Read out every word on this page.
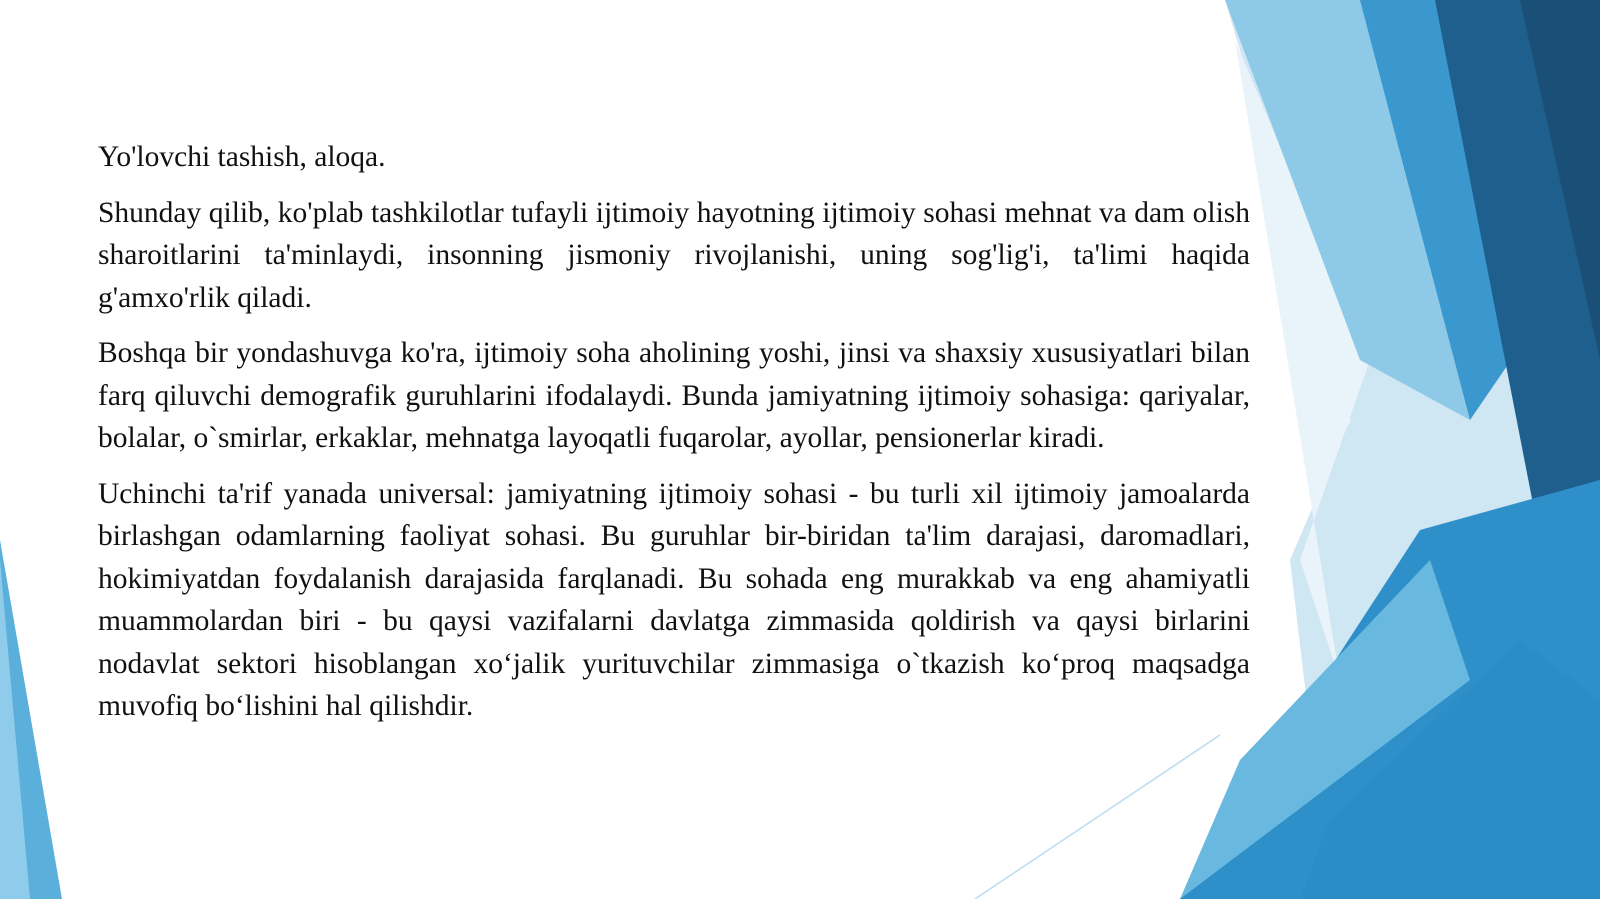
Yo'lovchi tashish, aloqa.

Shunday qilib, ko'plab tashkilotlar tufayli ijtimoiy hayotning ijtimoiy sohasi mehnat va dam olish sharoitlarini ta'minlaydi, insonning jismoniy rivojlanishi, uning sog'lig'i, ta'limi haqida g'amxo'rlik qiladi.

Boshqa bir yondashuvga ko'ra, ijtimoiy soha aholining yoshi, jinsi va shaxsiy xususiyatlari bilan farq qiluvchi demografik guruhlarini ifodalaydi. Bunda jamiyatning ijtimoiy sohasiga: qariyalar, bolalar, o`smirlar, erkaklar, mehnatga layoqatli fuqarolar, ayollar, pensionerlar kiradi.

Uchinchi ta'rif yanada universal: jamiyatning ijtimoiy sohasi - bu turli xil ijtimoiy jamoalarda birlashgan odamlarning faoliyat sohasi. Bu guruhlar bir-biridan ta'lim darajasi, daromadlari, hokimiyatdan foydalanish darajasida farqlanadi. Bu sohada eng murakkab va eng ahamiyatli muammolardan biri - bu qaysi vazifalarni davlatga zimmasida qoldirish va qaysi birlarini nodavlat sektori hisoblangan xo‘jalik yurituvchilar zimmasiga o`tkazish ko‘proq maqsadga muvofiq bo‘lishini hal qilishdir.
